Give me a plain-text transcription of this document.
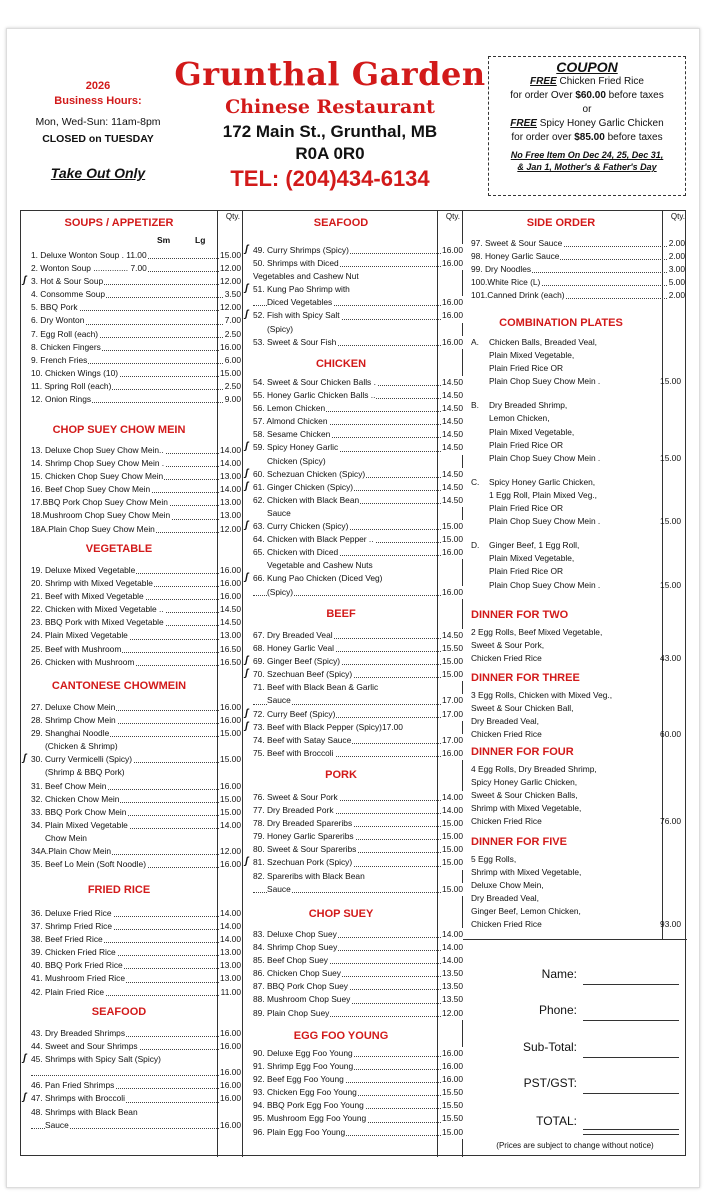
2026
Business Hours:
Mon, Wed-Sun: 11am-8pm
CLOSED on TUESDAY
Take Out Only
Grunthal Garden
Chinese Restaurant
172 Main St., Grunthal, MB
R0A 0R0
TEL: (204)434-6134
COUPON

FREE Chicken Fried Rice

for order Over $60.00 before taxes

or

FREE Spicy Honey Garlic Chicken

for order over $85.00 before taxes

No Free Item On Dec 24, 25, Dec 31,

& Jan 1, Mother's & Father's Day

Qty.
SOUPS / APPETIZER
Sm	Lg
1. Deluxe Wonton Soup . 11.00	15.00
2. Wonton Soup ............... 7.00	12.00
3. Hot & Sour Soup
ʃ	12.00
4. Consomme Soup	3.50
5. BBQ Pork	12.00
6. Dry Wonton	7.00
7. Egg Roll (each)	2.50
8. Chicken Fingers	16.00
9. French Fries	6.00
10. Chicken Wings (10)	15.00
11. Spring Roll (each)	2.50
12. Onion Rings	9.00
CHOP SUEY CHOW MEIN
13. Deluxe Chop Suey Chow Mein..	14.00
14. Shrimp Chop Suey Chow Mein .	14.00
15. Chicken Chop Suey Chow Mein	13.00
16. Beef Chop Suey Chow Mein	14.00
17.BBQ Pork Chop Suey Chow Mein	13.00
18.Mushroom Chop Suey Chow Mein	13.00
18A.Plain Chop Suey Chow Mein	12.00
VEGETABLE
19. Deluxe Mixed Vegetable	16.00
20. Shrimp with Mixed Vegetable	16.00
21. Beef with Mixed Vegetable	16.00
22. Chicken with Mixed Vegetable ..	14.50
23. BBQ Pork with Mixed Vegetable	14.50
24. Plain Mixed Vegetable	13.00
25. Beef with Mushroom	16.50
26. Chicken with Mushroom	16.50
CANTONESE CHOWMEIN
27. Deluxe Chow Mein	16.00
28. Shrimp Chow Mein	16.00
29. Shanghai Noodle	15.00
(Chicken & Shrimp)
30. Curry Vermicelli (Spicy)
ʃ	15.00
(Shrimp & BBQ Pork)
31. Beef Chow Mein	16.00
32. Chicken Chow Mein	15.00
33. BBQ Pork Chow Mein	15.00
34. Plain Mixed Vegetable	14.00
Chow Mein
34A.Plain Chow Mein	12.00
35. Beef Lo Mein (Soft Noodle)	16.00
FRIED RICE
36. Deluxe Fried Rice	14.00
37. Shrimp Fried Rice	14.00
38. Beef Fried Rice	14.00
39. Chicken Fried Rice	13.00
40. BBQ Pork Fried Rice	13.00
41. Mushroom Fried Rice	13.00
42. Plain Fried Rice	11.00
SEAFOOD
43. Dry Breaded Shrimps	16.00
44. Sweet and Sour Shrimps	16.00
45. Shrimps with Spicy Salt (Spicy)
ʃ
16.00
46. Pan Fried Shrimps	16.00
47. Shrimps with Broccoli
ʃ	16.00
48. Shrimps with Black Bean
Sauce	16.00
Qty.
SEAFOOD
49. Curry Shrimps (Spicy)
ʃ	16.00
50. Shrimps with Diced	16.00
Vegetables and Cashew Nut
51. Kung Pao Shrimp with
ʃ
Diced Vegetables	16.00
52. Fish with Spicy Salt
ʃ	16.00
(Spicy)
53. Sweet & Sour Fish	16.00
CHICKEN
54. Sweet & Sour Chicken Balls .	14.50
55. Honey Garlic Chicken Balls ..	14.50
56. Lemon Chicken	14.50
57. Almond Chicken	14.50
58. Sesame Chicken	14.50
59. Spicy Honey Garlic
ʃ	14.50
Chicken (Spicy)
60. Schezuan Chicken (Spicy)
ʃ	14.50
61. Ginger Chicken (Spicy)
ʃ	14.50
62. Chicken with Black Bean	14.50
Sauce
63. Curry Chicken (Spicy)
ʃ	15.00
64. Chicken with Black Pepper ..	15.00
65. Chicken with Diced	16.00
Vegetable and Cashew Nuts
66. Kung Pao Chicken (Diced Veg)
ʃ
(Spicy)	16.00
BEEF
67. Dry Breaded Veal	14.50
68. Honey Garlic Veal	15.50
69. Ginger Beef (Spicy)
ʃ	15.00
70. Szechuan Beef (Spicy)
ʃ	15.00
71. Beef with Black Bean & Garlic
Sauce	17.00
72. Curry Beef (Spicy)
ʃ	17.00
73. Beef with Black Pepper (Spicy)17.00
ʃ
74. Beef with Satay Sauce	17.00
75. Beef with Broccoli	16.00
PORK
76. Sweet & Sour Pork	14.00
77. Dry Breaded Pork	14.00
78. Dry Breaded Spareribs	15.00
79. Honey Garlic Spareribs	15.00
80. Sweet & Sour Spareribs	15.00
81. Szechuan Pork (Spicy)
ʃ	15.00
82. Spareribs with Black Bean
Sauce	15.00
CHOP SUEY
83. Deluxe Chop Suey	14.00
84. Shrimp Chop Suey	14.00
85. Beef Chop Suey	14.00
86. Chicken Chop Suey	13.50
87. BBQ Pork Chop Suey	13.50
88. Mushroom Chop Suey	13.50
89. Plain Chop Suey	12.00
EGG FOO YOUNG
90. Deluxe Egg Foo Young	16.00
91. Shrimp Egg Foo Young	16.00
92. Beef Egg Foo Young	16.00
93. Chicken Egg Foo Young	15.50
94. BBQ Pork Egg Foo Young	15.50
95. Mushroom Egg Foo Young	15.50
96. Plain Egg Foo Young	15.00
Qty.
SIDE ORDER
97. Sweet & Sour Sauce	2.00
98. Honey Garlic Sauce	2.00
99. Dry Noodles	3.00
100.White Rice (L)	5.00
101.Canned Drink (each)	2.00
COMBINATION PLATES
A. Chicken Balls, Breaded Veal,
Plain Mixed Vegetable,
Plain Fried Rice OR
Plain Chop Suey Chow Mein .	15.00
B. Dry Breaded Shrimp,
Lemon Chicken,
Plain Mixed Vegetable,
Plain Fried Rice OR
Plain Chop Suey Chow Mein .	15.00
C. Spicy Honey Garlic Chicken,
1 Egg Roll, Plain Mixed Veg.,
Plain Fried Rice OR
Plain Chop Suey Chow Mein .	15.00
D. Ginger Beef, 1 Egg Roll,
Plain Mixed Vegetable,
Plain Fried Rice OR
Plain Chop Suey Chow Mein .	15.00
DINNER FOR TWO
2 Egg Rolls, Beef Mixed Vegetable,
Sweet & Sour Pork,
Chicken Fried Rice	43.00
DINNER FOR THREE
3 Egg Rolls, Chicken with Mixed Veg.,
Sweet & Sour Chicken Ball,
Dry Breaded Veal,
Chicken Fried Rice	60.00
DINNER FOR FOUR
4 Egg Rolls, Dry Breaded Shrimp,
Spicy Honey Garlic Chicken,
Sweet & Sour Chicken Balls,
Shrimp with Mixed Vegetable,
Chicken Fried Rice	76.00
DINNER FOR FIVE
5 Egg Rolls,
Shrimp with Mixed Vegetable,
Deluxe Chow Mein,
Dry Breaded Veal,
Ginger Beef, Lemon Chicken,
Chicken Fried Rice	93.00
Name:
Phone:
Sub-Total:
PST/GST:
TOTAL:
(Prices are subject to change without notice)
